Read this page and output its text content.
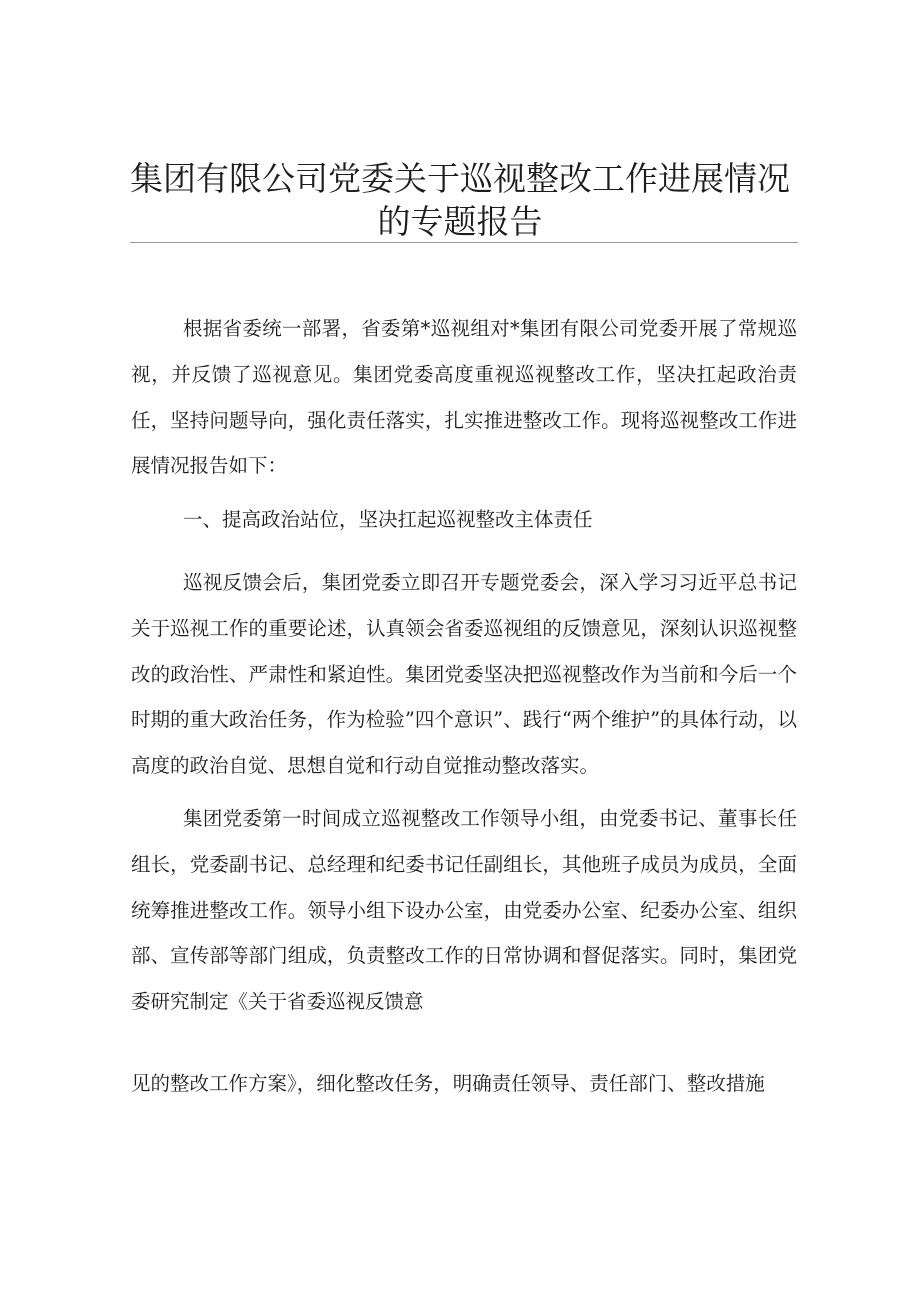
集团有限公司党委关于巡视整改工作进展情况
的专题报告

根据省委统一部署，省委第*巡视组对*集团有限公司党委开展了常规巡视，并反馈了巡视意见。集团党委高度重视巡视整改工作，坚决扛起政治责任，坚持问题导向，强化责任落实，扎实推进整改工作。现将巡视整改工作进展情况报告如下：

一、提高政治站位，坚决扛起巡视整改主体责任

巡视反馈会后，集团党委立即召开专题党委会，深入学习习近平总书记关于巡视工作的重要论述，认真领会省委巡视组的反馈意见，深刻认识巡视整改的政治性、严肃性和紧迫性。集团党委坚决把巡视整改作为当前和今后一个时期的重大政治任务，作为检验”四个意识”、践行“两个维护”的具体行动，以高度的政治自觉、思想自觉和行动自觉推动整改落实。

集团党委第一时间成立巡视整改工作领导小组，由党委书记、董事长任组长，党委副书记、总经理和纪委书记任副组长，其他班子成员为成员，全面统筹推进整改工作。领导小组下设办公室，由党委办公室、纪委办公室、组织部、宣传部等部门组成，负责整改工作的日常协调和督促落实。同时，集团党委研究制定《关于省委巡视反馈意

见的整改工作方案》，细化整改任务，明确责任领导、责任部门、整改措施
